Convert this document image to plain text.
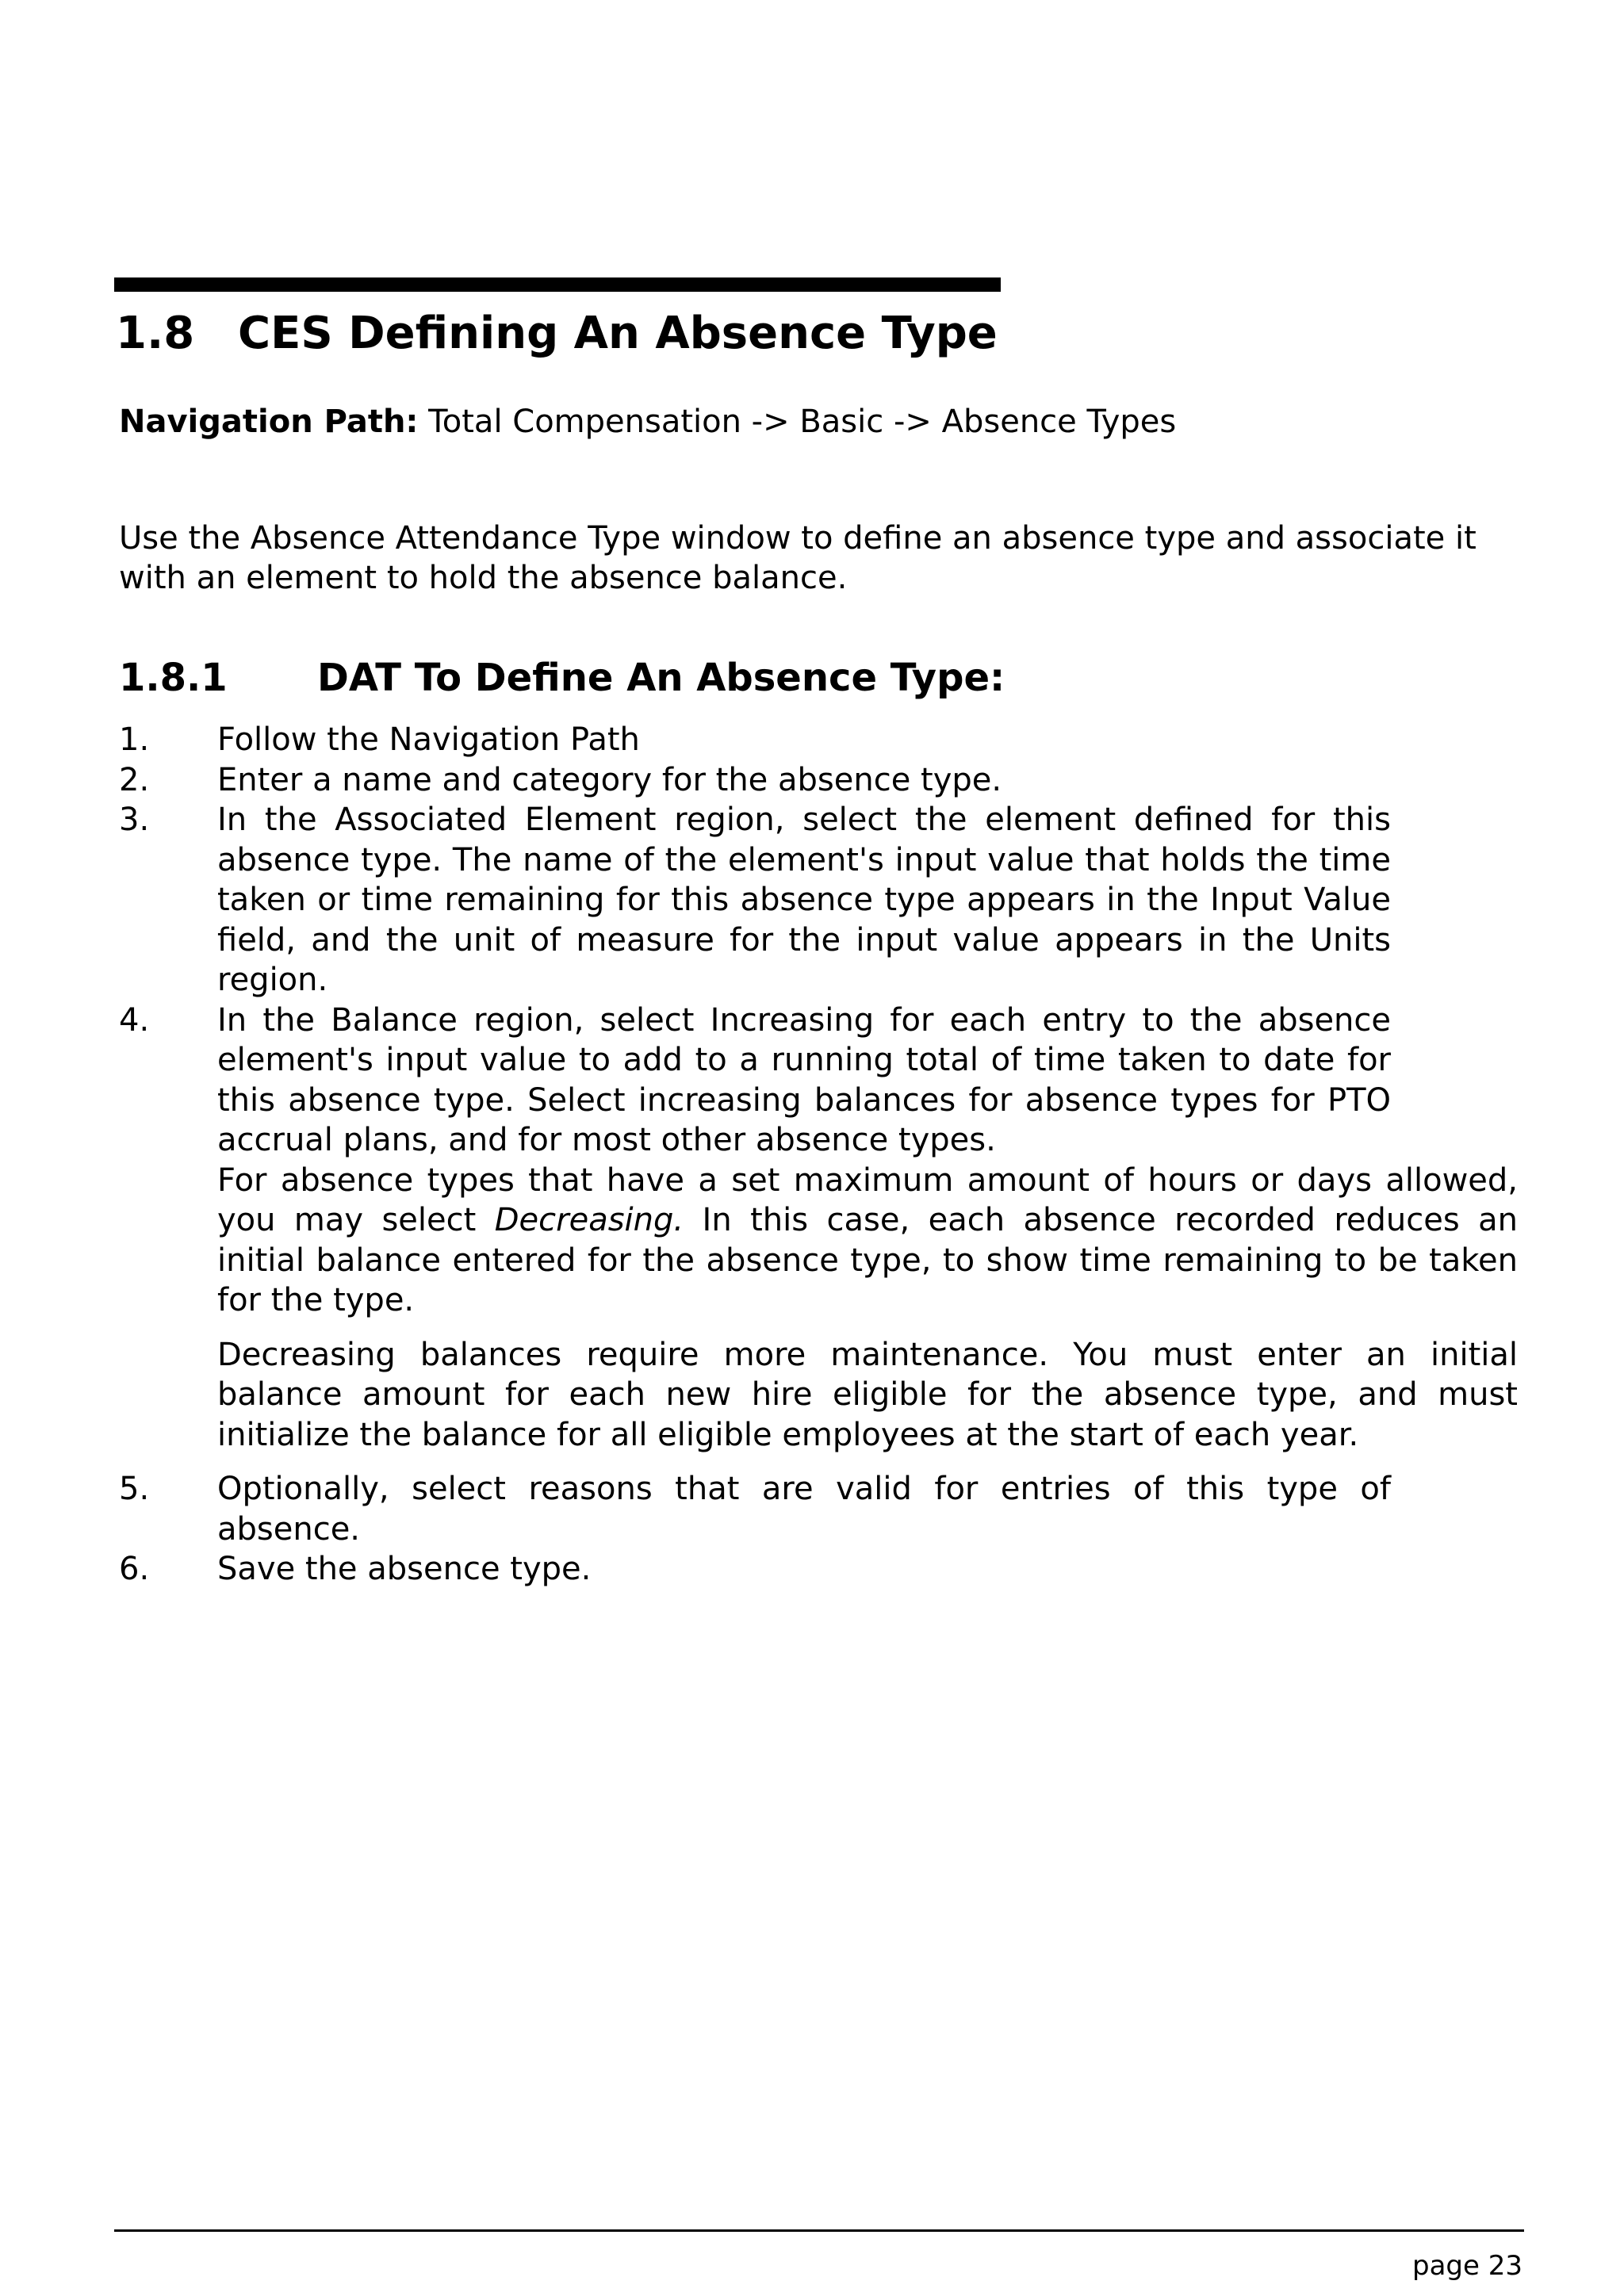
1.8 CES Defining An Absence Type

Navigation Path: Total Compensation -> Basic -> Absence Types

Use the Absence Attendance Type window to define an absence type and associate it with an element to hold the absence balance.

1.8.1 DAT To Define An Absence Type:
1. Follow the Navigation Path
2. Enter a name and category for the absence type.
3. In the Associated Element region, select the element defined for this absence type. The name of the element's input value that holds the time taken or time remaining for this absence type appears in the Input Value field, and the unit of measure for the input value appears in the Units region.
4. In the Balance region, select Increasing for each entry to the absence element's input value to add to a running total of time taken to date for this absence type. Select increasing balances for absence types for PTO accrual plans, and for most other absence types.
For absence types that have a set maximum amount of hours or days allowed, you may select Decreasing. In this case, each absence recorded reduces an initial balance entered for the absence type, to show time remaining to be taken for the type.
Decreasing balances require more maintenance. You must enter an initial balance amount for each new hire eligible for the absence type, and must initialize the balance for all eligible employees at the start of each year.
5. Optionally, select reasons that are valid for entries of this type of absence.
6. Save the absence type.
page 23
